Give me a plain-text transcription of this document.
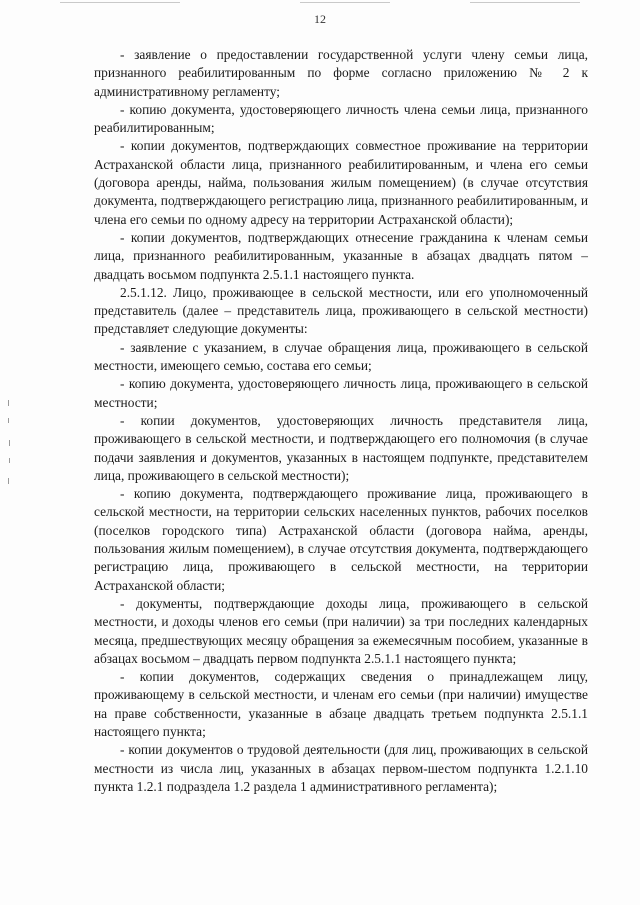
12

- заявление о предоставлении государственной услуги члену семьи лица, признанного реабилитированным по форме согласно приложению № 2 к административному регламенту;

- копию документа, удостоверяющего личность члена семьи лица, признанного реабилитированным;

- копии документов, подтверждающих совместное проживание на территории Астраханской области лица, признанного реабилитированным, и члена его семьи (договора аренды, найма, пользования жилым помещением) (в случае отсутствия документа, подтверждающего регистрацию лица, признанного реабилитированным, и члена его семьи по одному адресу на территории Астраханской области);

- копии документов, подтверждающих отнесение гражданина к членам семьи лица, признанного реабилитированным, указанные в абзацах двадцать пятом – двадцать восьмом подпункта 2.5.1.1 настоящего пункта.

2.5.1.12. Лицо, проживающее в сельской местности, или его уполномоченный представитель (далее – представитель лица, проживающего в сельской местности) представляет следующие документы:

- заявление с указанием, в случае обращения лица, проживающего в сельской местности, имеющего семью, состава его семьи;

- копию документа, удостоверяющего личность лица, проживающего в сельской местности;

- копии документов, удостоверяющих личность представителя лица, проживающего в сельской местности, и подтверждающего его полномочия (в случае подачи заявления и документов, указанных в настоящем подпункте, представителем лица, проживающего в сельской местности);

- копию документа, подтверждающего проживание лица, проживающего в сельской местности, на территории сельских населенных пунктов, рабочих поселков (поселков городского типа) Астраханской области (договора найма, аренды, пользования жилым помещением), в случае отсутствия документа, подтверждающего регистрацию лица, проживающего в сельской местности, на территории Астраханской области;

- документы, подтверждающие доходы лица, проживающего в сельской местности, и доходы членов его семьи (при наличии) за три последних календарных месяца, предшествующих месяцу обращения за ежемесячным пособием, указанные в абзацах восьмом – двадцать первом подпункта 2.5.1.1 настоящего пункта;

- копии документов, содержащих сведения о принадлежащем лицу, проживающему в сельской местности, и членам его семьи (при наличии) имуществе на праве собственности, указанные в абзаце двадцать третьем подпункта 2.5.1.1 настоящего пункта;

- копии документов о трудовой деятельности (для лиц, проживающих в сельской местности из числа лиц, указанных в абзацах первом-шестом подпункта 1.2.1.10 пункта 1.2.1 подраздела 1.2 раздела 1 административного регламента);
